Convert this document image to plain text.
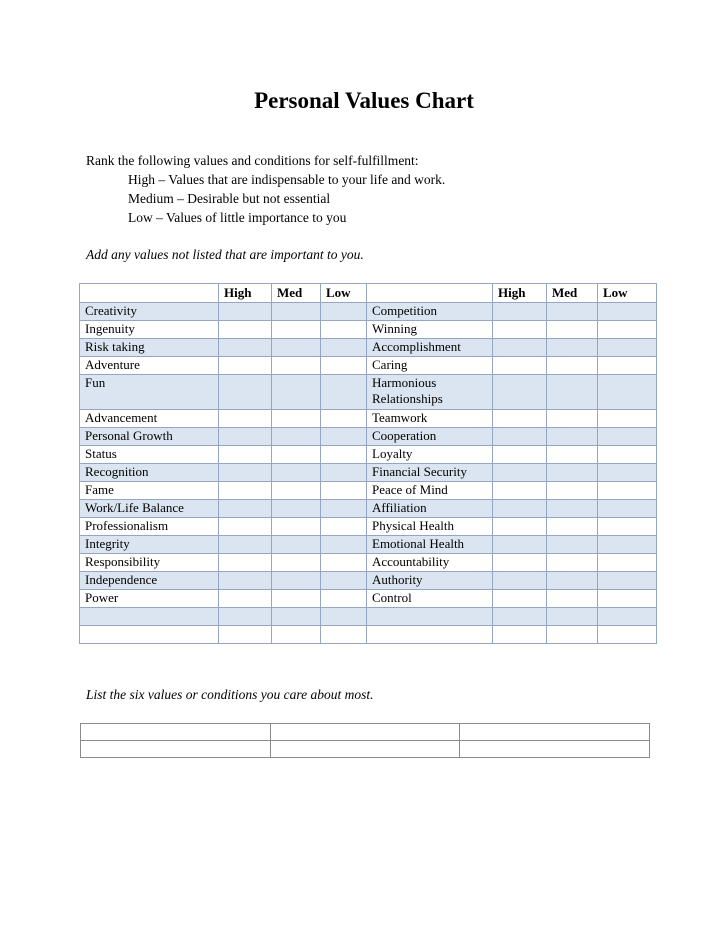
Personal Values Chart
Rank the following values and conditions for self-fulfillment:
High – Values that are indispensable to your life and work.
Medium – Desirable but not essential
Low – Values of little importance to you
Add any values not listed that are important to you.
	High	Med	Low		High	Med	Low
Creativity				Competition			
Ingenuity				Winning			
Risk taking				Accomplishment			
Adventure				Caring			
Fun				Harmonious Relationships			
Advancement				Teamwork			
Personal Growth				Cooperation			
Status				Loyalty			
Recognition				Financial Security			
Fame				Peace of Mind			
Work/Life Balance				Affiliation			
Professionalism				Physical Health			
Integrity				Emotional Health			
Responsibility				Accountability			
Independence				Authority			
Power				Control			

List the six values or conditions you care about most.
